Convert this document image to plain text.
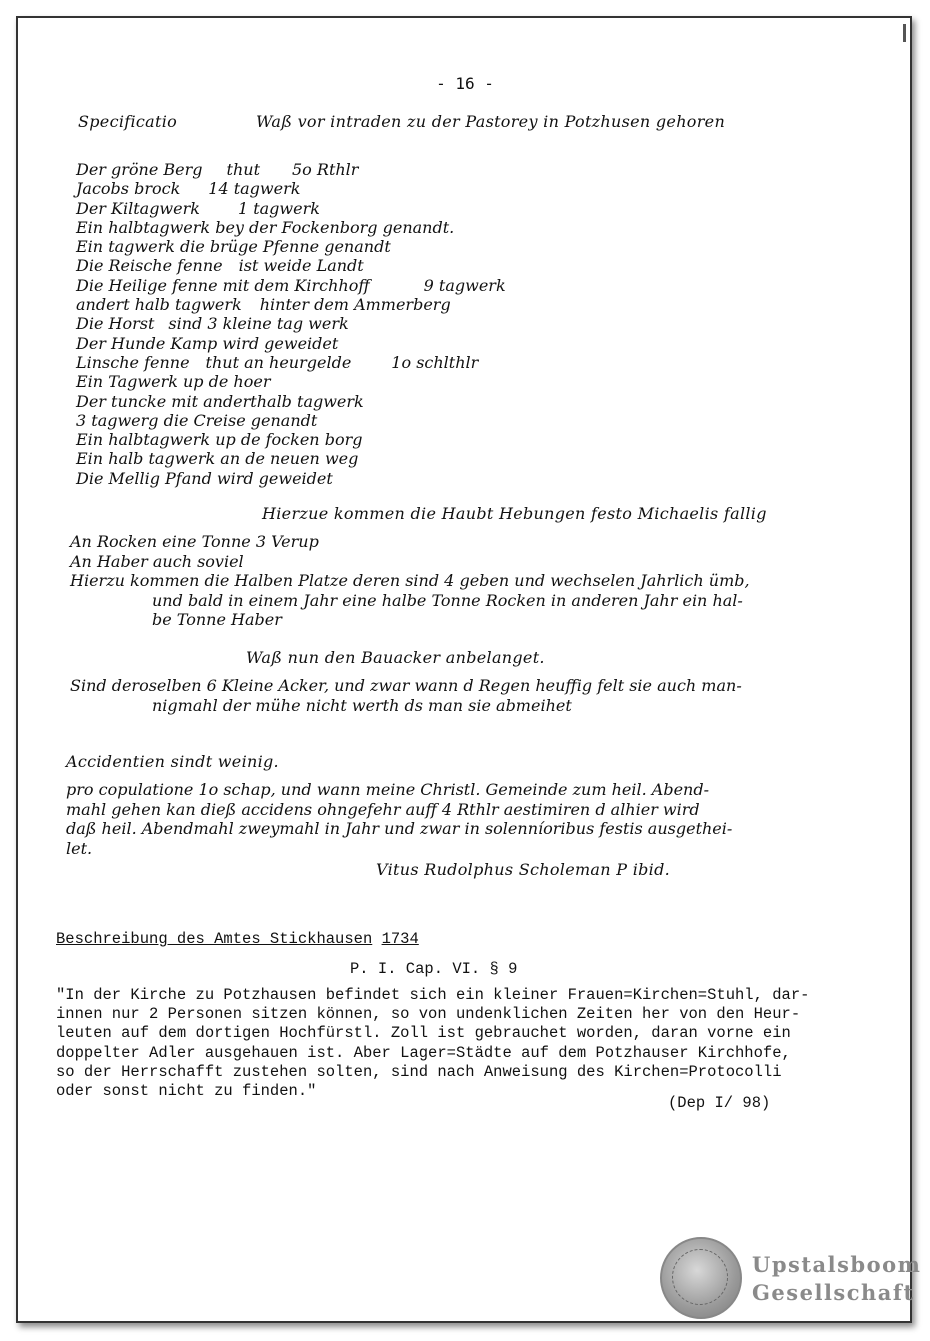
- 16 -
Specificatio	Waß vor intraden zu der Pastorey in Potzhusen gehoren
Der gröne Berg thut 5o Rthlr
Jacobs brock 14 tagwerk
Der Kiltagwerk 1 tagwerk
Ein halbtagwerk bey der Fockenborg genandt.
Ein tagwerk die brüge Pfenne genandt
Die Reische fenne ist weide Landt
Die Heilige fenne mit dem Kirchhoff	9 tagwerk
andert halb tagwerk hinter dem Ammerberg
Die Horst sind 3 kleine tag werk
Der Hunde Kamp wird geweidet
Linsche fenne thut an heurgelde	1o schlthlr
Ein Tagwerk up de hoer
Der tuncke mit anderthalb tagwerk
3 tagwerg die Creise genandt
Ein halbtagwerk up de focken borg
Ein halb tagwerk an de neuen weg
Die Mellig Pfand wird geweidet
Hierzue kommen die Haubt Hebungen festo Michaelis fallig
An Rocken eine Tonne 3 Verup
An Haber auch soviel
Hierzu kommen die Halben Platze deren sind 4 geben und wechselen Jahrlich ümb,
und bald in einem Jahr eine halbe Tonne Rocken in anderen Jahr ein hal-
be Tonne Haber
Waß nun den Bauacker anbelanget.
Sind deroselben 6 Kleine Acker, und zwar wann d Regen heuffig felt sie auch man-
nigmahl der mühe nicht werth ds man sie abmeihet
Accidentien sindt weinig.
pro copulatione 1o schap, und wann meine Christl. Gemeinde zum heil. Abend-
mahl gehen kan dieß accidens ohngefehr auff 4 Rthlr aestimiren d alhier wird
daß heil. Abendmahl zweymahl in Jahr und zwar in solenníoribus festis ausgethei-
let.
Vitus Rudolphus Scholeman P ibid.
Beschreibung des Amtes Stickhausen 1734
P. I. Cap. VI. § 9
"In der Kirche zu Potzhausen befindet sich ein kleiner Frauen=Kirchen=Stuhl, dar-
innen nur 2 Personen sitzen können, so von undenklichen Zeiten her von den Heur-
leuten auf dem dortigen Hochfürstl. Zoll ist gebrauchet worden, daran vorne ein
doppelter Adler ausgehauen ist. Aber Lager=Städte auf dem Potzhauser Kirchhofe,
so der Herrschafft zustehen solten, sind nach Anweisung des Kirchen=Protocolli
oder sonst nicht zu finden."
(Dep I/ 98)
Upstalsboom
Gesellschaft
